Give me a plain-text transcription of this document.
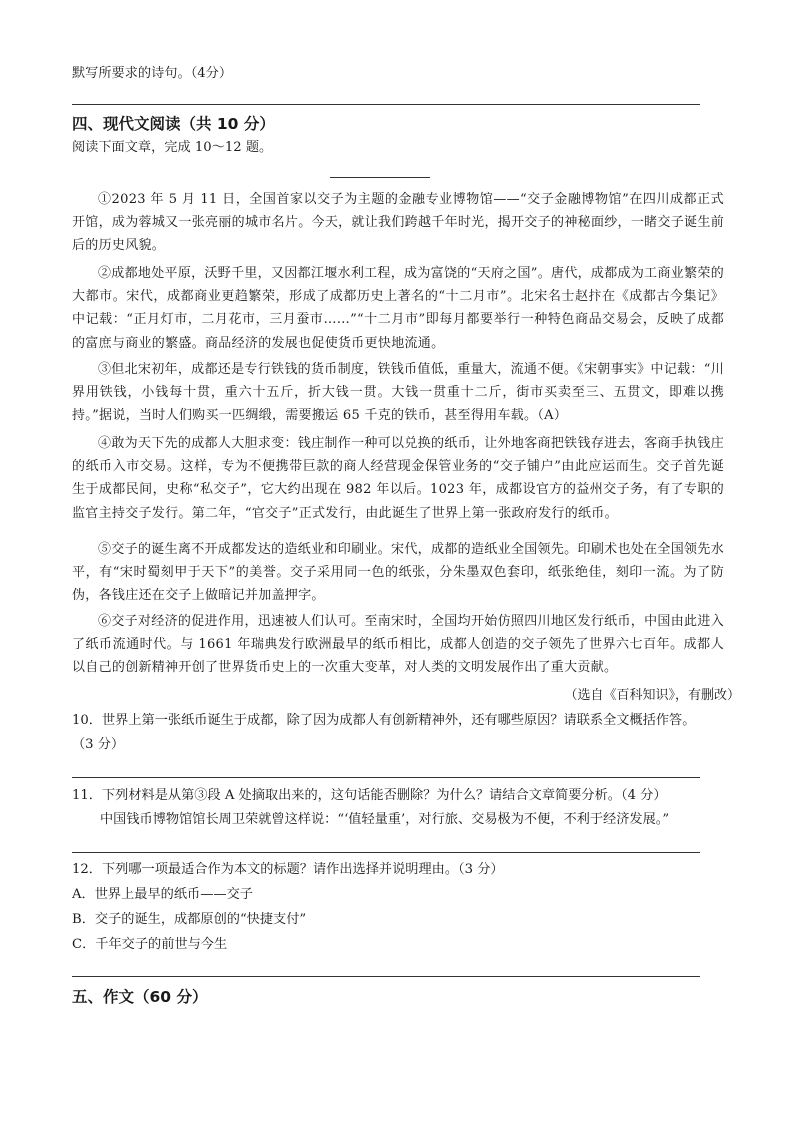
默写所要求的诗句。（4分）
四、现代文阅读（共 10 分）
阅读下面文章，完成 10～12 题。
①2023 年 5 月 11 日，全国首家以交子为主题的金融专业博物馆——“交子金融博物馆”在四川成都正式开馆，成为蓉城又一张亮丽的城市名片。今天，就让我们跨越千年时光，揭开交子的神秘面纱，一睹交子诞生前后的历史风貌。
②成都地处平原，沃野千里，又因都江堰水利工程，成为富饶的“天府之国”。唐代，成都成为工商业繁荣的大都市。宋代，成都商业更趋繁荣，形成了成都历史上著名的“十二月市”。北宋名士赵抃在《成都古今集记》中记载：“正月灯市，二月花市，三月蚕市……”“十二月市”即每月都要举行一种特色商品交易会，反映了成都的富庶与商业的繁盛。商品经济的发展也促使货币更快地流通。
③但北宋初年，成都还是专行铁钱的货币制度，铁钱币值低，重量大，流通不便。《宋朝事实》中记载：“川界用铁钱，小钱每十贯，重六十五斤，折大钱一贯。大钱一贯重十二斤，街市买卖至三、五贯文，即难以携持。”据说，当时人们购买一匹绸缎，需要搬运 65 千克的铁币，甚至得用车载。（A）
④敢为天下先的成都人大胆求变：钱庄制作一种可以兑换的纸币，让外地客商把铁钱存进去，客商手执钱庄的纸币入市交易。这样，专为不便携带巨款的商人经营现金保管业务的“交子铺户”由此应运而生。交子首先诞生于成都民间，史称“私交子”，它大约出现在 982 年以后。1023 年，成都设官方的益州交子务，有了专职的监官主持交子发行。第二年，“官交子”正式发行，由此诞生了世界上第一张政府发行的纸币。
⑤交子的诞生离不开成都发达的造纸业和印刷业。宋代，成都的造纸业全国领先。印刷术也处在全国领先水平，有“宋时蜀刻甲于天下”的美誉。交子采用同一色的纸张，分朱墨双色套印，纸张绝佳，刻印一流。为了防伪，各钱庄还在交子上做暗记并加盖押字。
⑥交子对经济的促进作用，迅速被人们认可。至南宋时，全国均开始仿照四川地区发行纸币，中国由此进入了纸币流通时代。与 1661 年瑞典发行欧洲最早的纸币相比，成都人创造的交子领先了世界六七百年。成都人以自己的创新精神开创了世界货币史上的一次重大变革，对人类的文明发展作出了重大贡献。
（选自《百科知识》，有删改）
10．世界上第一张纸币诞生于成都，除了因为成都人有创新精神外，还有哪些原因？请联系全文概括作答。
（3 分）
11．下列材料是从第③段 A 处摘取出来的，这句话能否删除？为什么？请结合文章简要分析。（4 分）
中国钱币博物馆馆长周卫荣就曾这样说：“‘值轻量重’，对行旅、交易极为不便，不利于经济发展。”
12．下列哪一项最适合作为本文的标题？请作出选择并说明理由。（3 分）
A．世界上最早的纸币——交子
B．交子的诞生，成都原创的“快捷支付”
C．千年交子的前世与今生
五、作文（60 分）
